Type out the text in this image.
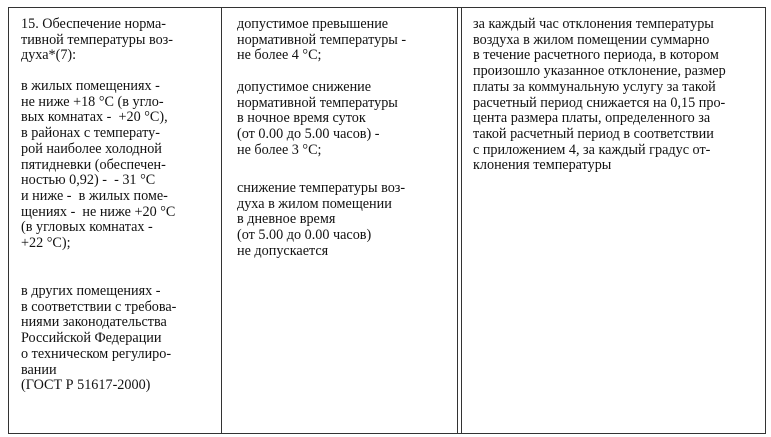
15. Обеспечение норма-
тивной температуры воз-
духа*(7):

в жилых помещениях -
не ниже +18 °С (в угло-
вых комнатах -  +20 °С),
в районах с температу-
рой наиболее холодной
пятидневки (обеспечен-
ностью 0,92) -  - 31 °С
и ниже -  в жилых поме-
щениях -  не ниже +20 °С
(в угловых комнатах -
+22 °С);

в других помещениях -
в соответствии с требова-
ниями законодательства
Российской Федерации
о техническом регулиро-
вании
(ГОСТ Р 51617-2000)

допустимое превышение
нормативной температуры -
не более 4 °С;

допустимое снижение
нормативной температуры
в ночное время суток
(от 0.00 до 5.00 часов) -
не более 3 °С;

снижение температуры воз-
духа в жилом помещении
в дневное время
(от 5.00 до 0.00 часов)
не допускается

за каждый час отклонения температуры
воздуха в жилом помещении суммарно
в течение расчетного периода, в котором
произошло указанное отклонение, размер
платы за коммунальную услугу за такой
расчетный период снижается на 0,15 про-
цента размера платы, определенного за
такой расчетный период в соответствии
с приложением 4, за каждый градус от-
клонения температуры
